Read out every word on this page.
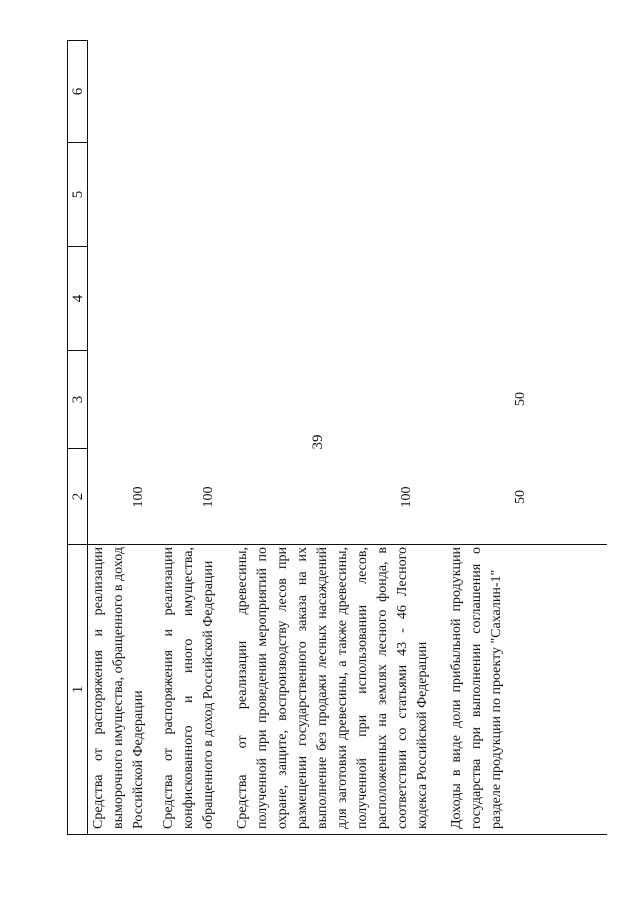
39
1
2
3
4
5
6
Средства от распоряжения и реализации выморочного имущества, обращенного в доход Российской Федерации
100
Средства от распоряжения и реализации конфискованного и иного имущества, обращенного в доход Российской Федерации
100
Средства от реализации древесины, полученной при проведении мероприятий по охране, защите, воспроизводству лесов при размещении государственного заказа на их выполнение без продажи лесных насаждений для заготовки древесины, а также древесины, полученной при использовании лесов, расположенных на землях лесного фонда, в соответствии со статьями 43 - 46 Лесного кодекса Российской Федерации
100
Доходы в виде доли прибыльной продукции государства при выполнении соглашения о разделе продукции по проекту "Сахалин-1"
50
50
